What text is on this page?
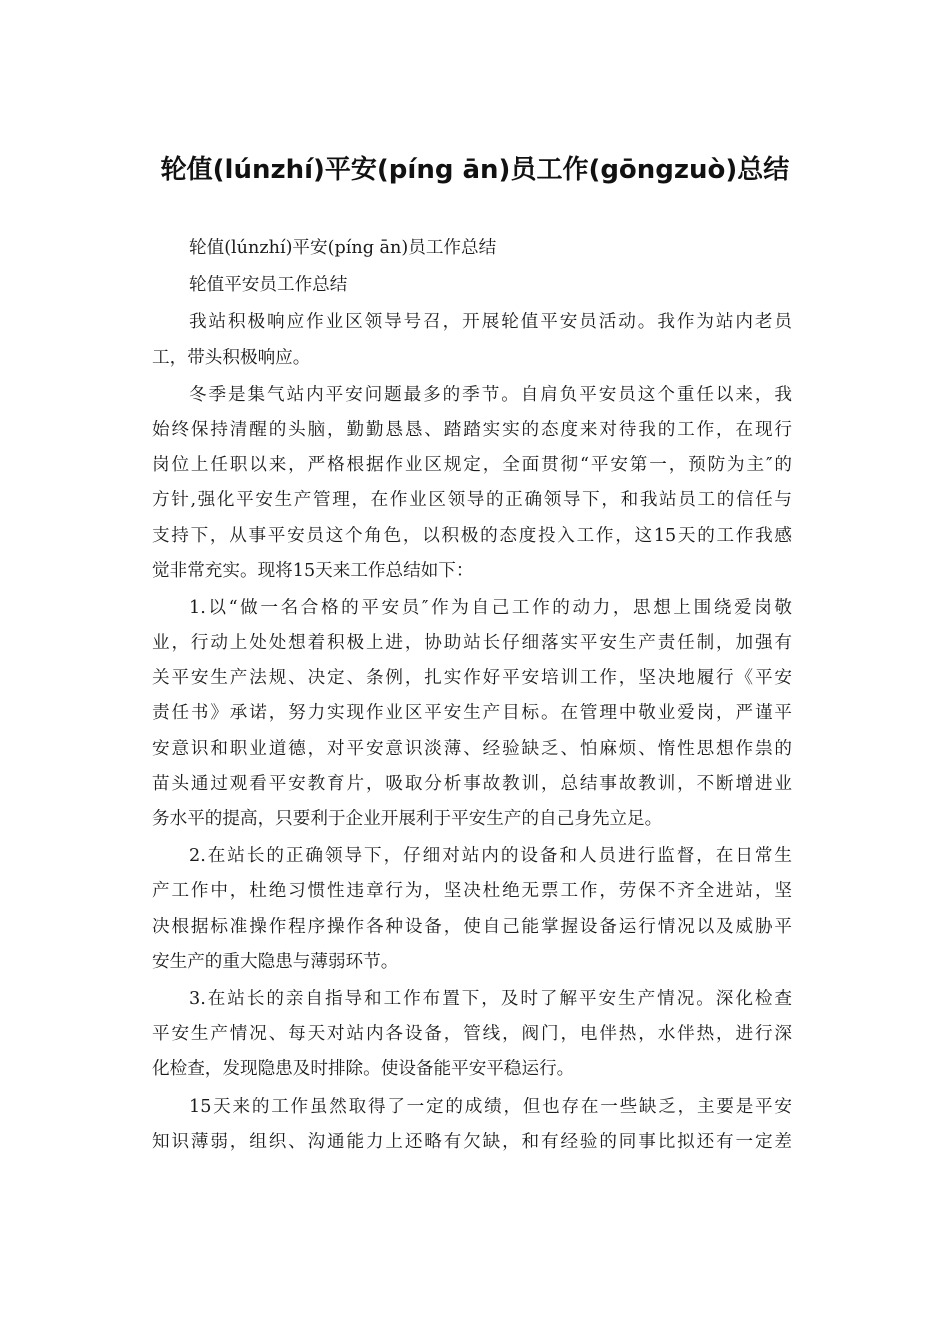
轮值(lúnzhí)平安(píng ān)员工作(gōngzuò)总结
轮值(lúnzhí)平安(píng ān)员工作总结
轮值平安员工作总结
我站积极响应作业区领导号召，开展轮值平安员活动。我作为站内老员
工，带头积极响应。
冬季是集气站内平安问题最多的季节。自肩负平安员这个重任以来，我
始终保持清醒的头脑，勤勤恳恳、踏踏实实的态度来对待我的工作，在现行
岗位上任职以来，严格根据作业区规定，全面贯彻“平安第一，预防为主″的
方针,强化平安生产管理，在作业区领导的正确领导下，和我站员工的信任与
支持下，从事平安员这个角色，以积极的态度投入工作，这15天的工作我感
觉非常充实。现将15天来工作总结如下：
1.以“做一名合格的平安员″作为自己工作的动力，思想上围绕爱岗敬
业，行动上处处想着积极上进，协助站长仔细落实平安生产责任制，加强有
关平安生产法规、决定、条例，扎实作好平安培训工作，坚决地履行《平安
责任书》承诺，努力实现作业区平安生产目标。在管理中敬业爱岗，严谨平
安意识和职业道德，对平安意识淡薄、经验缺乏、怕麻烦、惰性思想作祟的
苗头通过观看平安教育片，吸取分析事故教训，总结事故教训，不断增进业
务水平的提高，只要利于企业开展利于平安生产的自己身先立足。
2.在站长的正确领导下，仔细对站内的设备和人员进行监督，在日常生
产工作中，杜绝习惯性违章行为，坚决杜绝无票工作，劳保不齐全进站，坚
决根据标准操作程序操作各种设备，使自己能掌握设备运行情况以及威胁平
安生产的重大隐患与薄弱环节。
3.在站长的亲自指导和工作布置下，及时了解平安生产情况。深化检查
平安生产情况、每天对站内各设备，管线，阀门，电伴热，水伴热，进行深
化检查，发现隐患及时排除。使设备能平安平稳运行。
15天来的工作虽然取得了一定的成绩，但也存在一些缺乏，主要是平安
知识薄弱，组织、沟通能力上还略有欠缺，和有经验的同事比拟还有一定差
